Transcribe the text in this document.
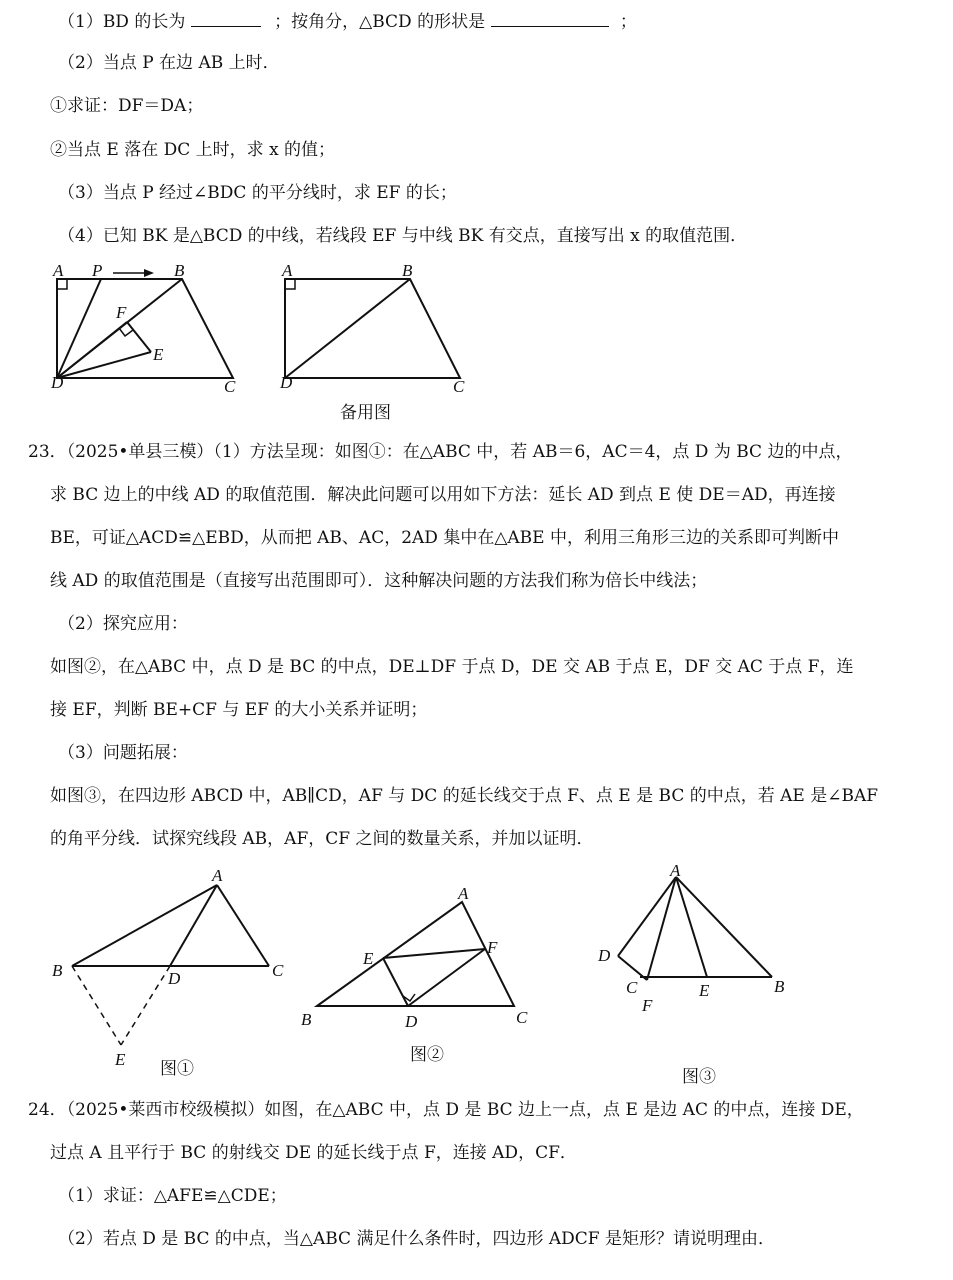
（1）BD 的长为	；按角分，△BCD 的形状是	；
（2）当点 P 在边 AB 上时．
①求证：DF＝DA；
②当点 E 落在 DC 上时，求 x 的值；
（3）当点 P 经过∠BDC 的平分线时，求 EF 的长；
（4）已知 BK 是△BCD 的中线，若线段 EF 与中线 BK 有交点，直接写出 x 的取值范围．
A P	B
F
E
D	C
A	B
D	C
备用图
23．（2025•单县三模）（1）方法呈现：如图①：在△ABC 中，若 AB＝6，AC＝4，点 D 为 BC 边的中点，
求 BC 边上的中线 AD 的取值范围．解决此问题可以用如下方法：延长 AD 到点 E 使 DE＝AD，再连接
BE，可证△ACD≌△EBD，从而把 AB、AC，2AD 集中在△ABE 中，利用三角形三边的关系即可判断中
线 AD 的取值范围是（直接写出范围即可）．这种解决问题的方法我们称为倍长中线法；
（2）探究应用：
如图②，在△ABC 中，点 D 是 BC 的中点，DE⊥DF 于点 D，DE 交 AB 于点 E，DF 交 AC 于点 F，连
接 EF，判断 BE+CF 与 EF 的大小关系并证明；
（3）问题拓展：
如图③，在四边形 ABCD 中，AB∥CD，AF 与 DC 的延长线交于点 F、点 E 是 BC 的中点，若 AE 是∠BAF
的角平分线．试探究线段 AB，AF，CF 之间的数量关系，并加以证明．
A
B	C
D
E 图①
A
B	C
D
E
F
图②
A
D
C
F
E	B
图③
24．（2025•莱西市校级模拟）如图，在△ABC 中，点 D 是 BC 边上一点，点 E 是边 AC 的中点，连接 DE，
过点 A 且平行于 BC 的射线交 DE 的延长线于点 F，连接 AD，CF．
（1）求证：△AFE≌△CDE；
（2）若点 D 是 BC 的中点，当△ABC 满足什么条件时，四边形 ADCF 是矩形？请说明理由．
